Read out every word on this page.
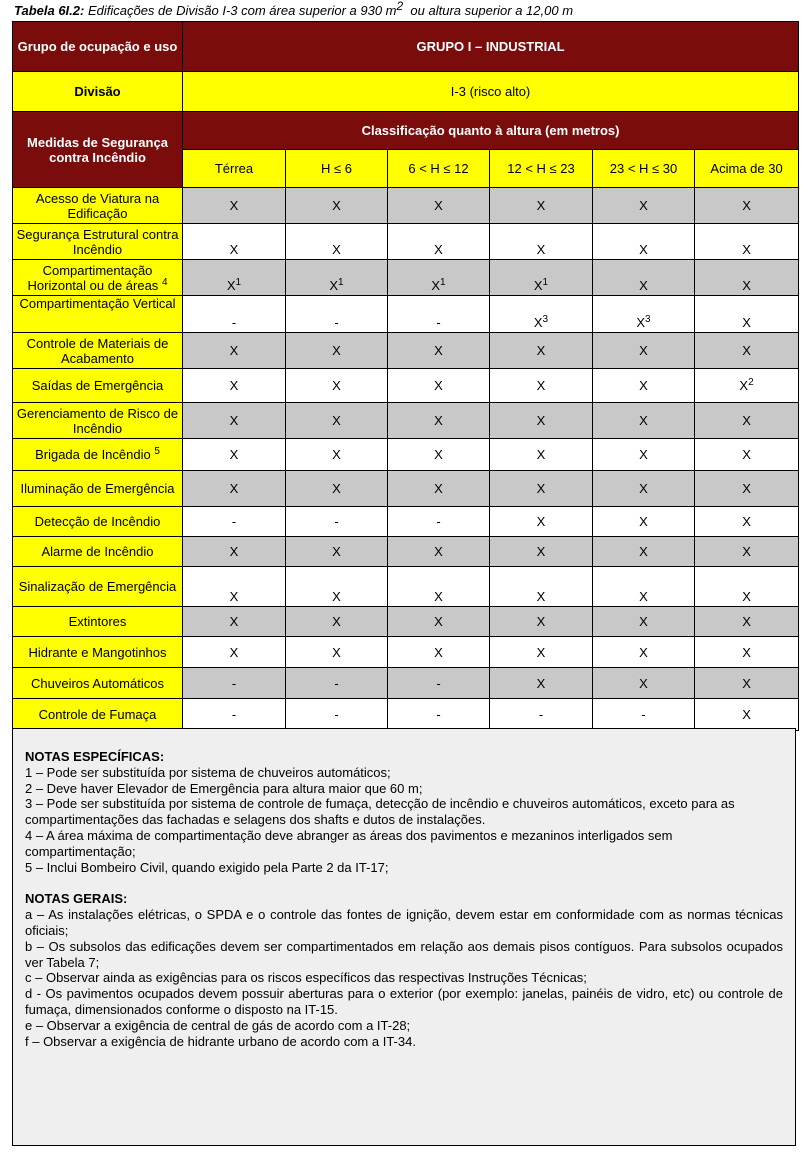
Tabela 6I.2: Edificações de Divisão I-3 com área superior a 930 $m^2$ ou altura superior a 12,00 m
Grupo de ocupação e uso	GRUPO I – INDUSTRIAL					
Divisão	I-3 (risco alto)					
Medidas de Segurança contra Incêndio	Classificação quanto à altura (em metros)					
	Térrea	H ≤ 6	6 < H ≤ 12	12 < H ≤ 23	23 < H ≤ 30	Acima de 30
Acesso de Viatura na Edificação	X	X	X	X	X	X
Segurança Estrutural contra Incêndio	X	X	X	X	X	X
Compartimentação Horizontal ou de áreas $^4$	$X^1$	$X^1$	$X^1$	$X^1$	X	X
Compartimentação Vertical	-	-	-	$X^3$	$X^3$	X
Controle de Materiais de Acabamento	X	X	X	X	X	X
Saídas de Emergência	X	X	X	X	X	$X^2$
Gerenciamento de Risco de Incêndio	X	X	X	X	X	X
Brigada de Incêndio $^5$	X	X	X	X	X	X
Iluminação de Emergência	X	X	X	X	X	X
Detecção de Incêndio	-	-	-	X	X	X
Alarme de Incêndio	X	X	X	X	X	X
Sinalização de Emergência	X	X	X	X	X	X
Extintores	X	X	X	X	X	X
Hidrante e Mangotinhos	X	X	X	X	X	X
Chuveiros Automáticos	-	-	-	X	X	X
Controle de Fumaça	-	-	-	-	-	X
NOTAS ESPECÍFICAS:
1 – Pode ser substituída por sistema de chuveiros automáticos;
2 – Deve haver Elevador de Emergência para altura maior que 60 m;
3 – Pode ser substituída por sistema de controle de fumaça, detecção de incêndio e chuveiros automáticos, exceto para as compartimentações das fachadas e selagens dos shafts e dutos de instalações.
4 – A área máxima de compartimentação deve abranger as áreas dos pavimentos e mezaninos interligados sem compartimentação;
5 – Inclui Bombeiro Civil, quando exigido pela Parte 2 da IT-17;
NOTAS GERAIS:
a – As instalações elétricas, o SPDA e o controle das fontes de ignição, devem estar em conformidade com as normas técnicas oficiais;
b – Os subsolos das edificações devem ser compartimentados em relação aos demais pisos contíguos. Para subsolos ocupados ver Tabela 7;
c – Observar ainda as exigências para os riscos específicos das respectivas Instruções Técnicas;
d - Os pavimentos ocupados devem possuir aberturas para o exterior (por exemplo: janelas, painéis de vidro, etc) ou controle de fumaça, dimensionados conforme o disposto na IT-15.
e – Observar a exigência de central de gás de acordo com a IT-28;
f – Observar a exigência de hidrante urbano de acordo com a IT-34.
